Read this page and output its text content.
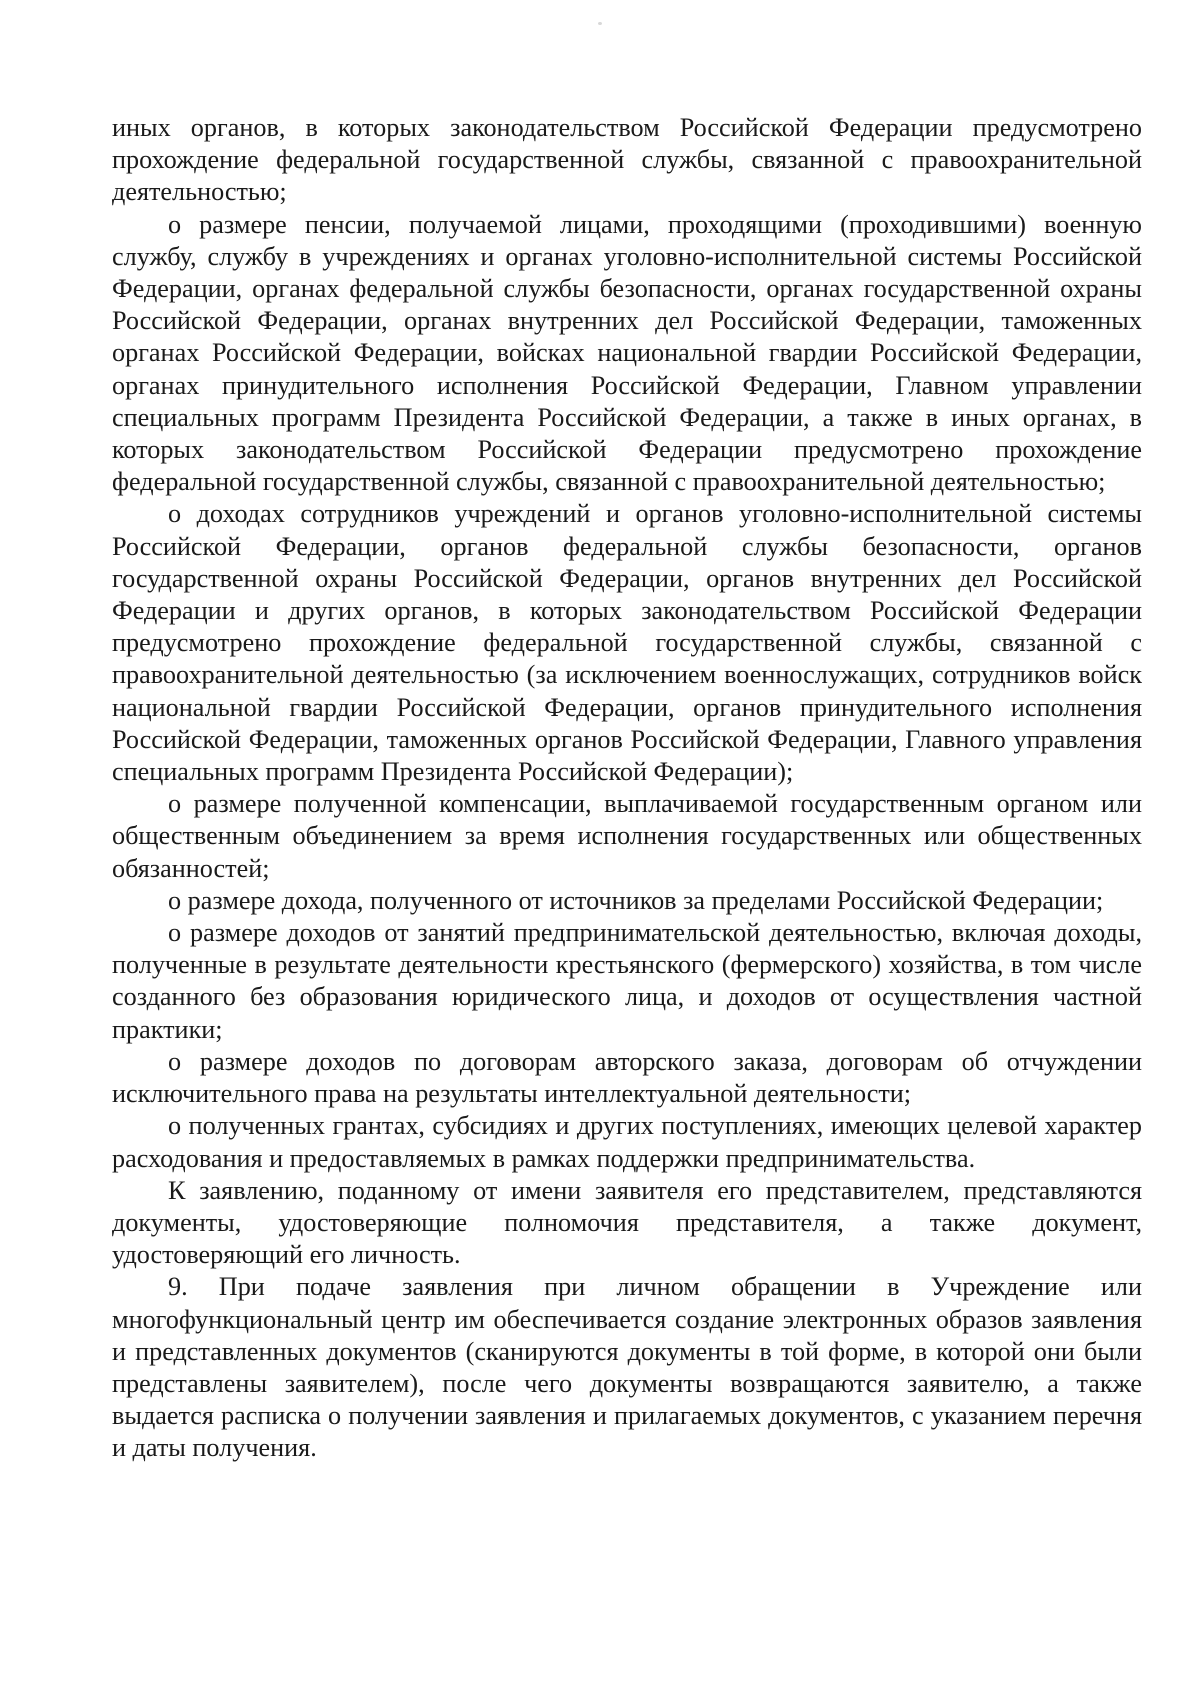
иных органов, в которых законодательством Российской Федерации предусмотрено прохождение федеральной государственной службы, связанной с правоохранительной деятельностью;

о размере пенсии, получаемой лицами, проходящими (проходившими) военную службу, службу в учреждениях и органах уголовно-исполнительной системы Российской Федерации, органах федеральной службы безопасности, органах государственной охраны Российской Федерации, органах внутренних дел Российской Федерации, таможенных органах Российской Федерации, войсках национальной гвардии Российской Федерации, органах принудительного исполнения Российской Федерации, Главном управлении специальных программ Президента Российской Федерации, а также в иных органах, в которых законодательством Российской Федерации предусмотрено прохождение федеральной государственной службы, связанной с правоохранительной деятельностью;

о доходах сотрудников учреждений и органов уголовно-исполнительной системы Российской Федерации, органов федеральной службы безопасности, органов государственной охраны Российской Федерации, органов внутренних дел Российской Федерации и других органов, в которых законодательством Российской Федерации предусмотрено прохождение федеральной государственной службы, связанной с правоохранительной деятельностью (за исключением военнослужащих, сотрудников войск национальной гвардии Российской Федерации, органов принудительного исполнения Российской Федерации, таможенных органов Российской Федерации, Главного управления специальных программ Президента Российской Федерации);

о размере полученной компенсации, выплачиваемой государственным органом или общественным объединением за время исполнения государственных или общественных обязанностей;

о размере дохода, полученного от источников за пределами Российской Федерации;

о размере доходов от занятий предпринимательской деятельностью, включая доходы, полученные в результате деятельности крестьянского (фермерского) хозяйства, в том числе созданного без образования юридического лица, и доходов от осуществления частной практики;

о размере доходов по договорам авторского заказа, договорам об отчуждении исключительного права на результаты интеллектуальной деятельности;

о полученных грантах, субсидиях и других поступлениях, имеющих целевой характер расходования и предоставляемых в рамках поддержки предпринимательства.

К заявлению, поданному от имени заявителя его представителем, представляются документы, удостоверяющие полномочия представителя, а также документ, удостоверяющий его личность.

9. При подаче заявления при личном обращении в Учреждение или многофункциональный центр им обеспечивается создание электронных образов заявления и представленных документов (сканируются документы в той форме, в которой они были представлены заявителем), после чего документы возвращаются заявителю, а также выдается расписка о получении заявления и прилагаемых документов, с указанием перечня и даты получения.
